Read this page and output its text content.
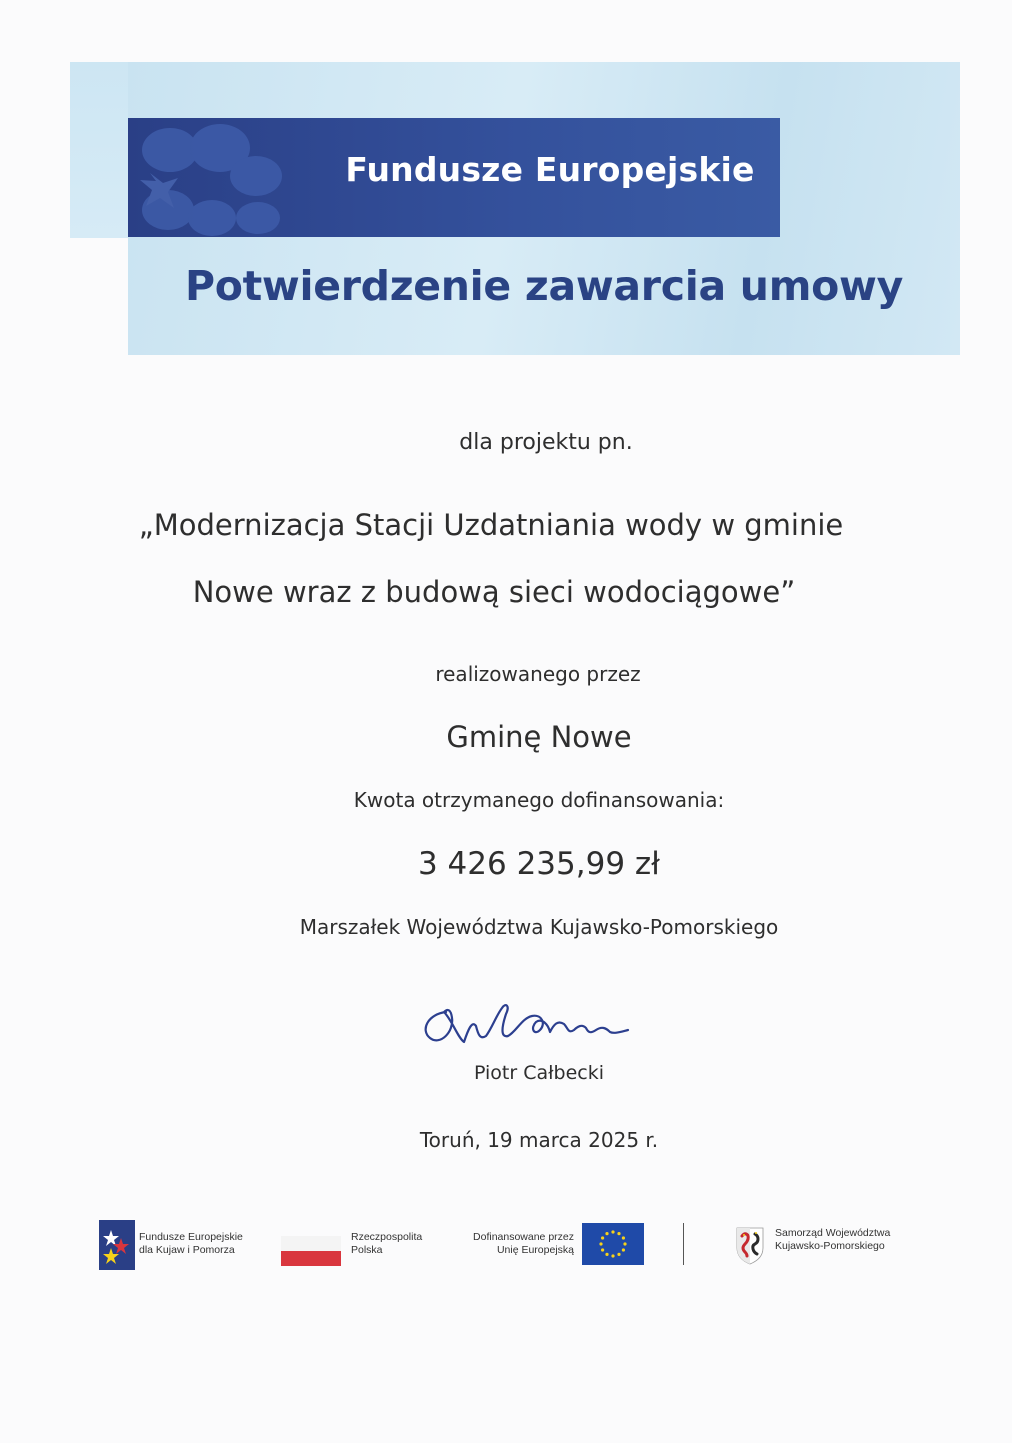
Fundusze Europejskie
Potwierdzenie zawarcia umowy
dla projektu pn.
„Modernizacja Stacji Uzdatniania wody w gminie
Nowe wraz z budową sieci wodociągowe”
realizowanego przez
Gminę Nowe
Kwota otrzymanego dofinansowania:
3 426 235,99 zł
Marszałek Województwa Kujawsko-Pomorskiego
Piotr Całbecki
Toruń, 19 marca 2025 r.
Fundusze Europejskie
dla Kujaw i Pomorza
Rzeczpospolita
Polska
Dofinansowane przez
Unię Europejską
Samorząd Województwa
Kujawsko-Pomorskiego
